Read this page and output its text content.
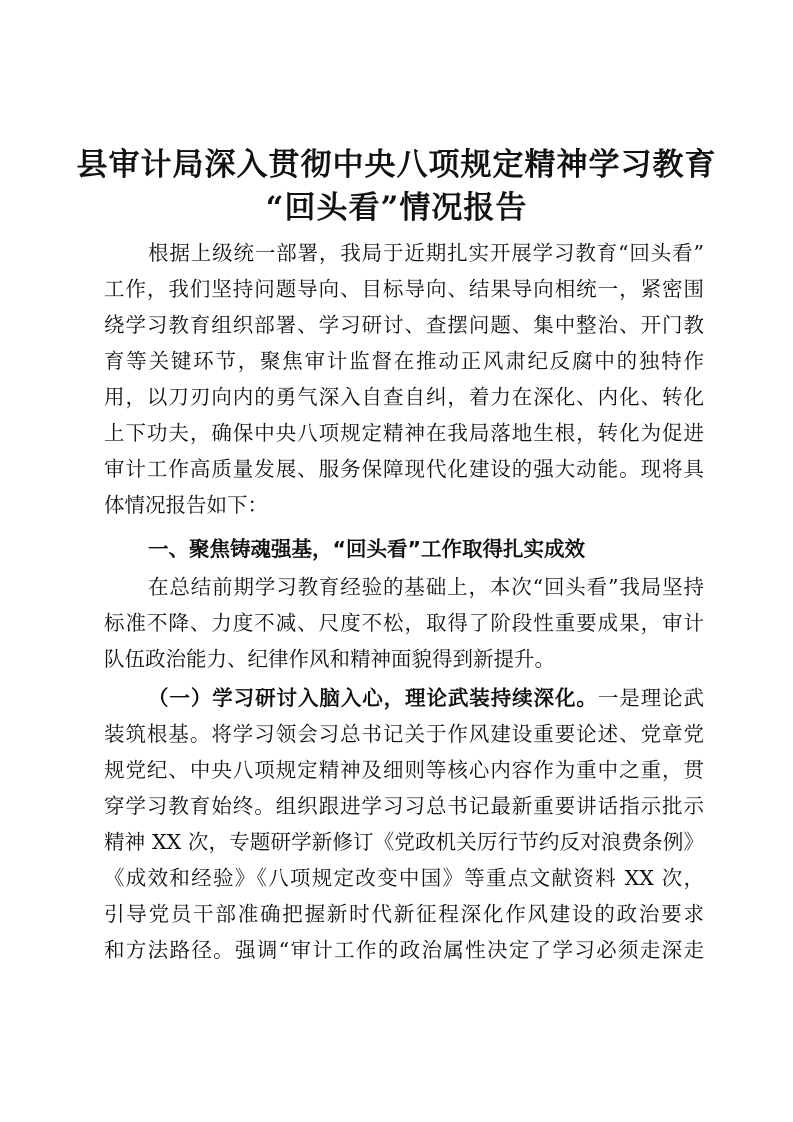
县审计局深入贯彻中央八项规定精神学习教育
“回头看”情况报告
根据上级统一部署，我局于近期扎实开展学习教育“回头看”
工作，我们坚持问题导向、目标导向、结果导向相统一，紧密围
绕学习教育组织部署、学习研讨、查摆问题、集中整治、开门教
育等关键环节，聚焦审计监督在推动正风肃纪反腐中的独特作
用，以刀刃向内的勇气深入自查自纠，着力在深化、内化、转化
上下功夫，确保中央八项规定精神在我局落地生根，转化为促进
审计工作高质量发展、服务保障现代化建设的强大动能。现将具
体情况报告如下：
一、聚焦铸魂强基，“回头看”工作取得扎实成效
在总结前期学习教育经验的基础上，本次“回头看”我局坚持
标准不降、力度不减、尺度不松，取得了阶段性重要成果，审计
队伍政治能力、纪律作风和精神面貌得到新提升。
（一）学习研讨入脑入心，理论武装持续深化。一是理论武
装筑根基。将学习领会习总书记关于作风建设重要论述、党章党
规党纪、中央八项规定精神及细则等核心内容作为重中之重，贯
穿学习教育始终。组织跟进学习习总书记最新重要讲话指示批示
精神 XX 次，专题研学新修订《党政机关厉行节约反对浪费条例》
《成效和经验》《八项规定改变中国》等重点文献资料 XX 次，
引导党员干部准确把握新时代新征程深化作风建设的政治要求
和方法路径。强调“审计工作的政治属性决定了学习必须走深走
